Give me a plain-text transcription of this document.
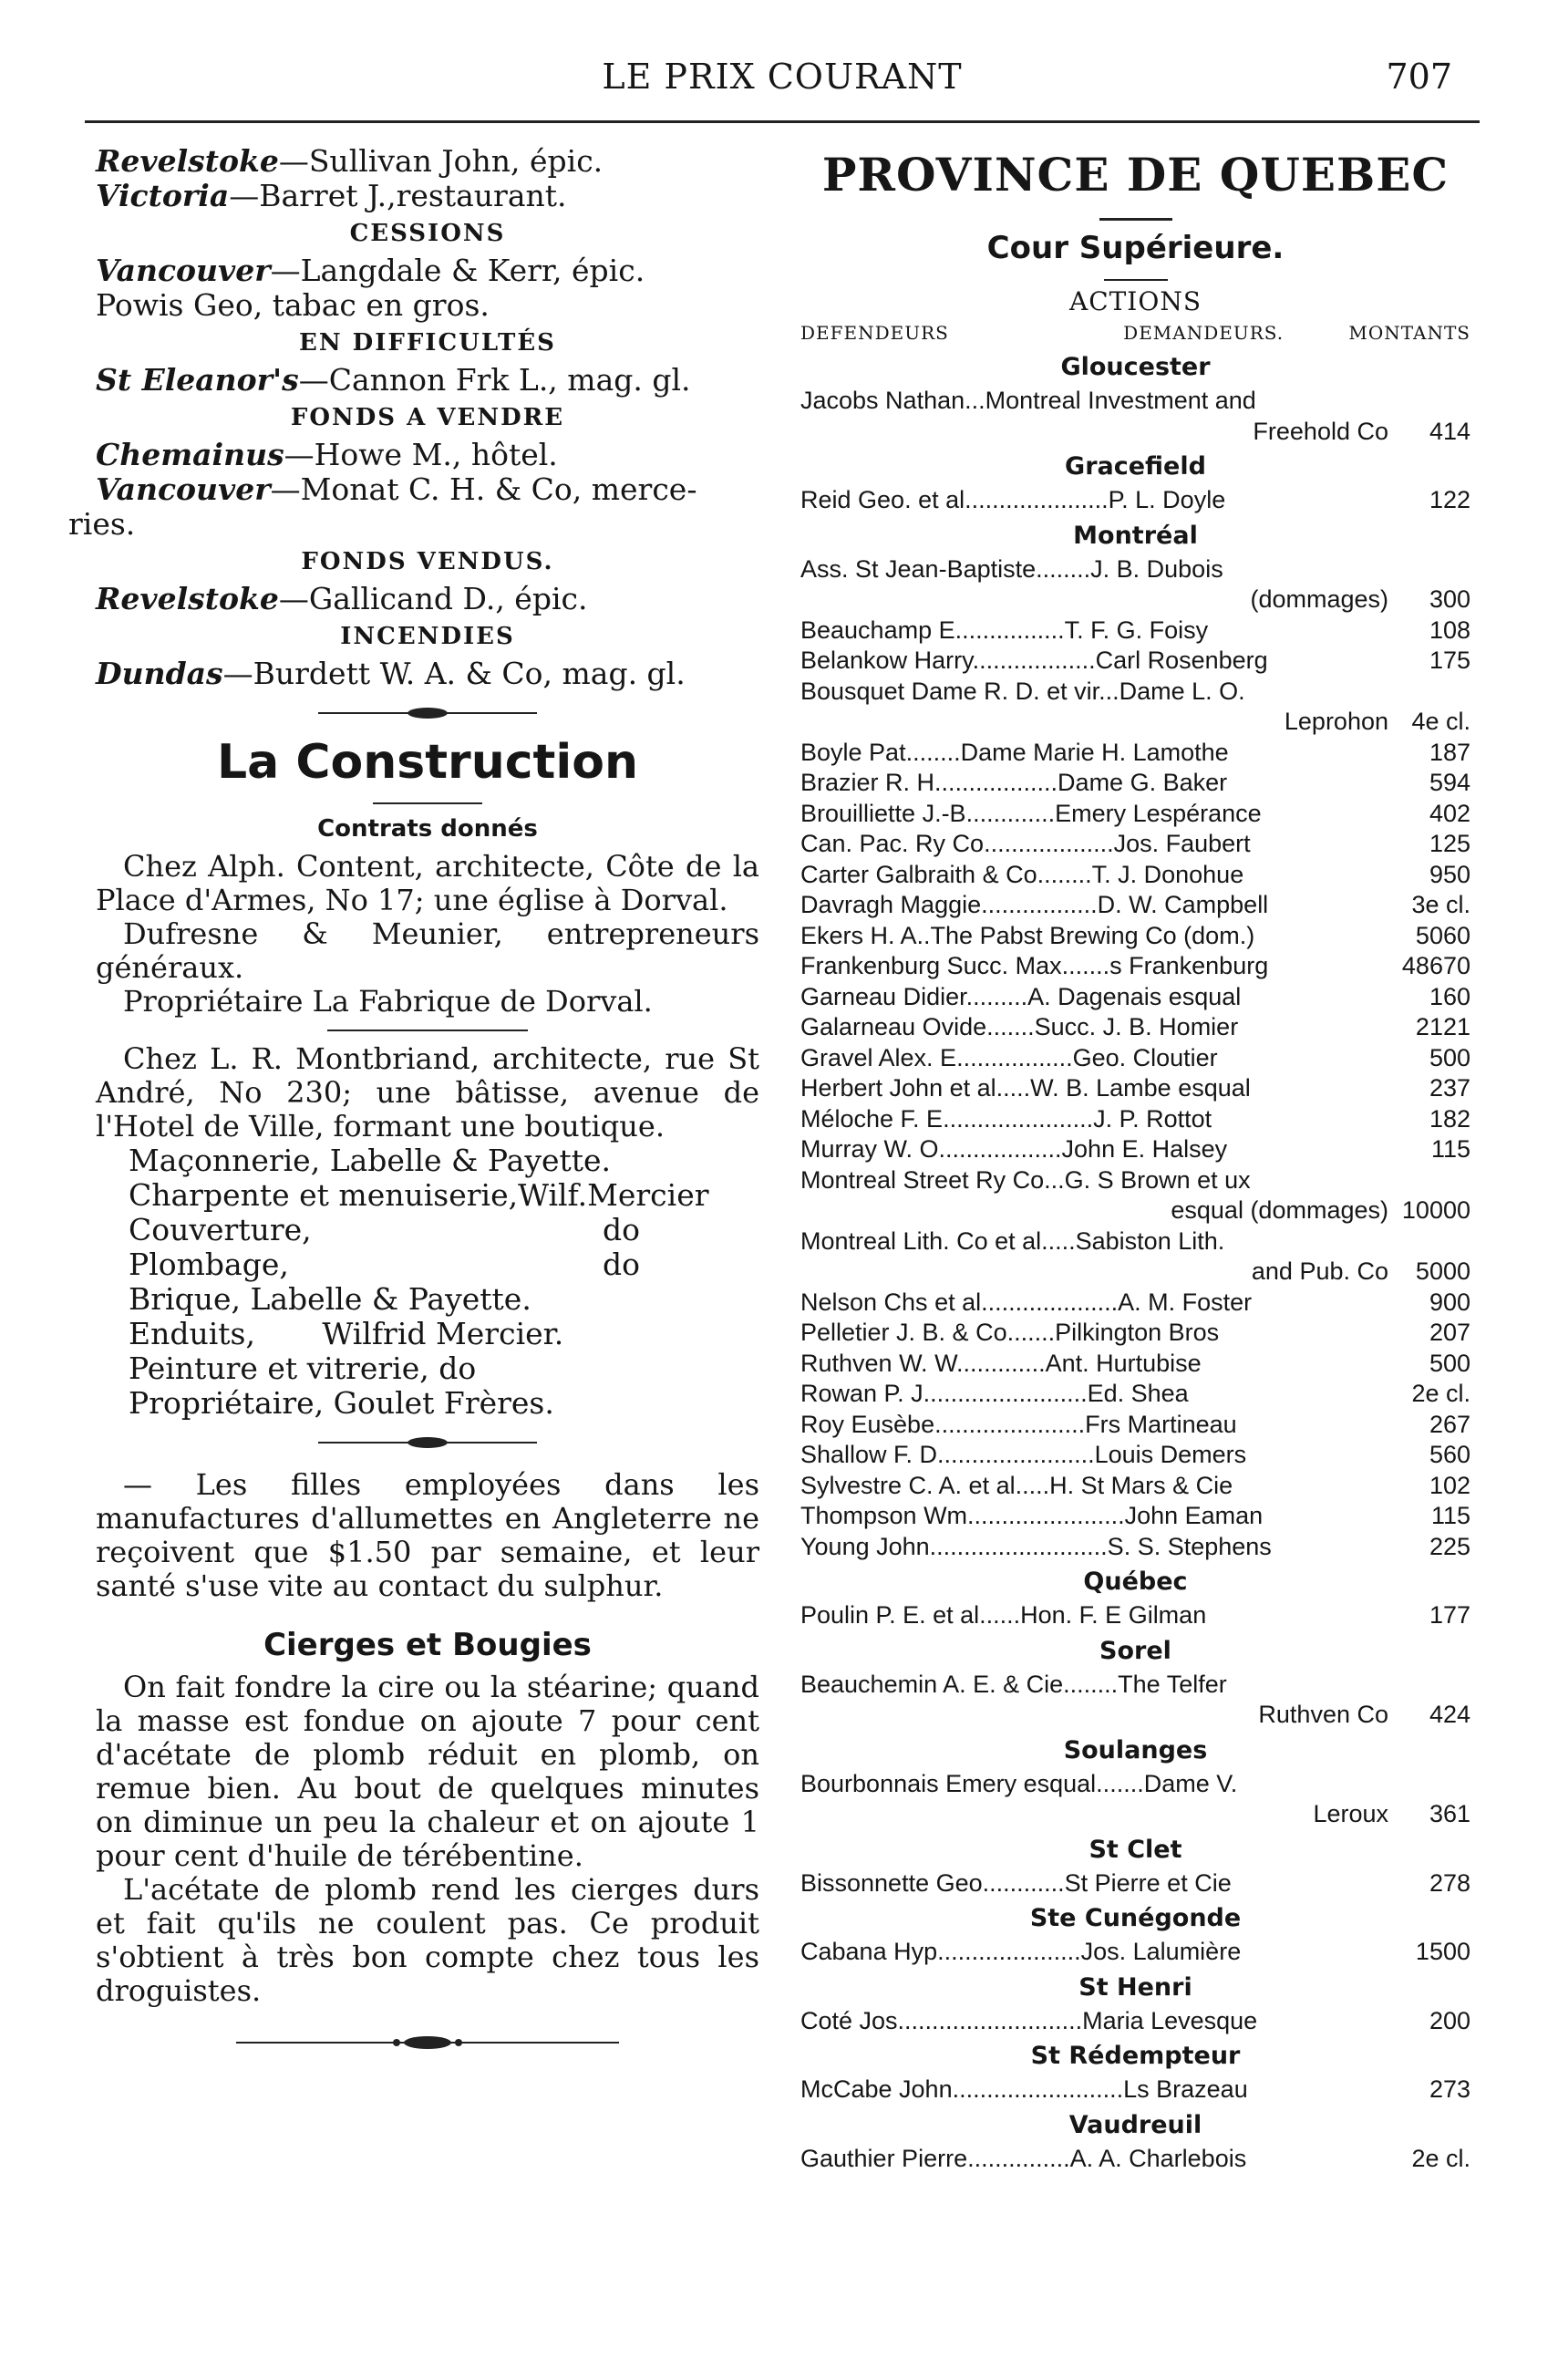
LE PRIX COURANT	707

Revelstoke—Sullivan John, épic.

Victoria—Barret J.,restaurant.

CESSIONS

Vancouver—Langdale & Kerr, épic.

Powis Geo, tabac en gros.

EN DIFFICULTÉS

St Eleanor's—Cannon Frk L., mag. gl.

FONDS A VENDRE

Chemainus—Howe M., hôtel.

Vancouver—Monat C. H. & Co, merce-

ries.

FONDS VENDUS.

Revelstoke—Gallicand D., épic.

INCENDIES

Dundas—Burdett W. A. & Co, mag. gl.

La Construction
Contrats donnés

Chez Alph. Content, architecte, Côte de la Place d'Armes, No 17; une église à Dorval.

Dufresne & Meunier, entrepreneurs généraux.

Propriétaire La Fabrique de Dorval.

Chez L. R. Montbriand, architecte, rue St André, No 230; une bâtisse, avenue de l'Hotel de Ville, formant une boutique.

Maçonnerie, Labelle & Payette.
Charpente et menuiserie,Wilf.Mercier
Couverture,	do
Plombage,	do
Brique, Labelle & Payette.
Enduits,       Wilfrid Mercier.
Peinture et vitrerie, do
Propriétaire, Goulet Frères.

— Les filles employées dans les manufactures d'allumettes en Angleterre ne reçoivent que $1.50 par semaine, et leur santé s'use vite au contact du sulphur.

Cierges et Bougies

On fait fondre la cire ou la stéarine; quand la masse est fondue on ajoute 7 pour cent d'acétate de plomb réduit en plomb, on remue bien. Au bout de quelques minutes on diminue un peu la chaleur et on ajoute 1 pour cent d'huile de térébentine.

L'acétate de plomb rend les cierges durs et fait qu'ils ne coulent pas. Ce produit s'obtient à très bon compte chez tous les droguistes.

PROVINCE DE QUEBEC
Cour Supérieure.
ACTIONS
DEFENDEURS	DEMANDEURS.	MONTANTS
Gloucester
Jacobs Nathan...Montreal Investment and
Freehold Co	414
Gracefield
Reid Geo. et al.....................P. L. Doyle	122
Montréal
Ass. St Jean-Baptiste........J. B. Dubois
(dommages)	300
Beauchamp E................T. F. G. Foisy	108
Belankow Harry..................Carl Rosenberg	175
Bousquet Dame R. D. et vir...Dame L. O.
Leprohon 4e cl.
Boyle Pat........Dame Marie H. Lamothe	187
Brazier R. H..................Dame G. Baker	594
Brouilliette J.-B.............Emery Lespérance	402
Can. Pac. Ry Co...................Jos. Faubert	125
Carter Galbraith & Co........T. J. Donohue	950
Davragh Maggie.................D. W. Campbell	3e cl.
Ekers H. A..The Pabst Brewing Co (dom.)	5060
Frankenburg Succ. Max.......s Frankenburg	48670
Garneau Didier.........A. Dagenais esqual	160
Galarneau Ovide.......Succ. J. B. Homier	2121
Gravel Alex. E.................Geo. Cloutier	500
Herbert John et al.....W. B. Lambe esqual	237
Méloche F. E......................J. P. Rottot	182
Murray W. O..................John E. Halsey	115
Montreal Street Ry Co...G. S Brown et ux
esqual (dommages) 10000
Montreal Lith. Co et al.....Sabiston Lith.
and Pub. Co	5000
Nelson Chs et al....................A. M. Foster	900
Pelletier J. B. & Co.......Pilkington Bros	207
Ruthven W. W.............Ant. Hurtubise	500
Rowan P. J........................Ed. Shea	2e cl.
Roy Eusèbe......................Frs Martineau	267
Shallow F. D.......................Louis Demers	560
Sylvestre C. A. et al.....H. St Mars & Cie	102
Thompson Wm.......................John Eaman	115
Young John..........................S. S. Stephens	225
Québec
Poulin P. E. et al......Hon. F. E Gilman	177
Sorel
Beauchemin A. E. & Cie........The Telfer
Ruthven Co	424
Soulanges
Bourbonnais Emery esqual.......Dame V.
Leroux	361
St Clet
Bissonnette Geo............St Pierre et Cie	278
Ste Cunégonde
Cabana Hyp.....................Jos. Lalumière	1500
St Henri
Coté Jos...........................Maria Levesque	200
St Rédempteur
McCabe John.........................Ls Brazeau	273
Vaudreuil
Gauthier Pierre...............A. A. Charlebois	2e cl.
